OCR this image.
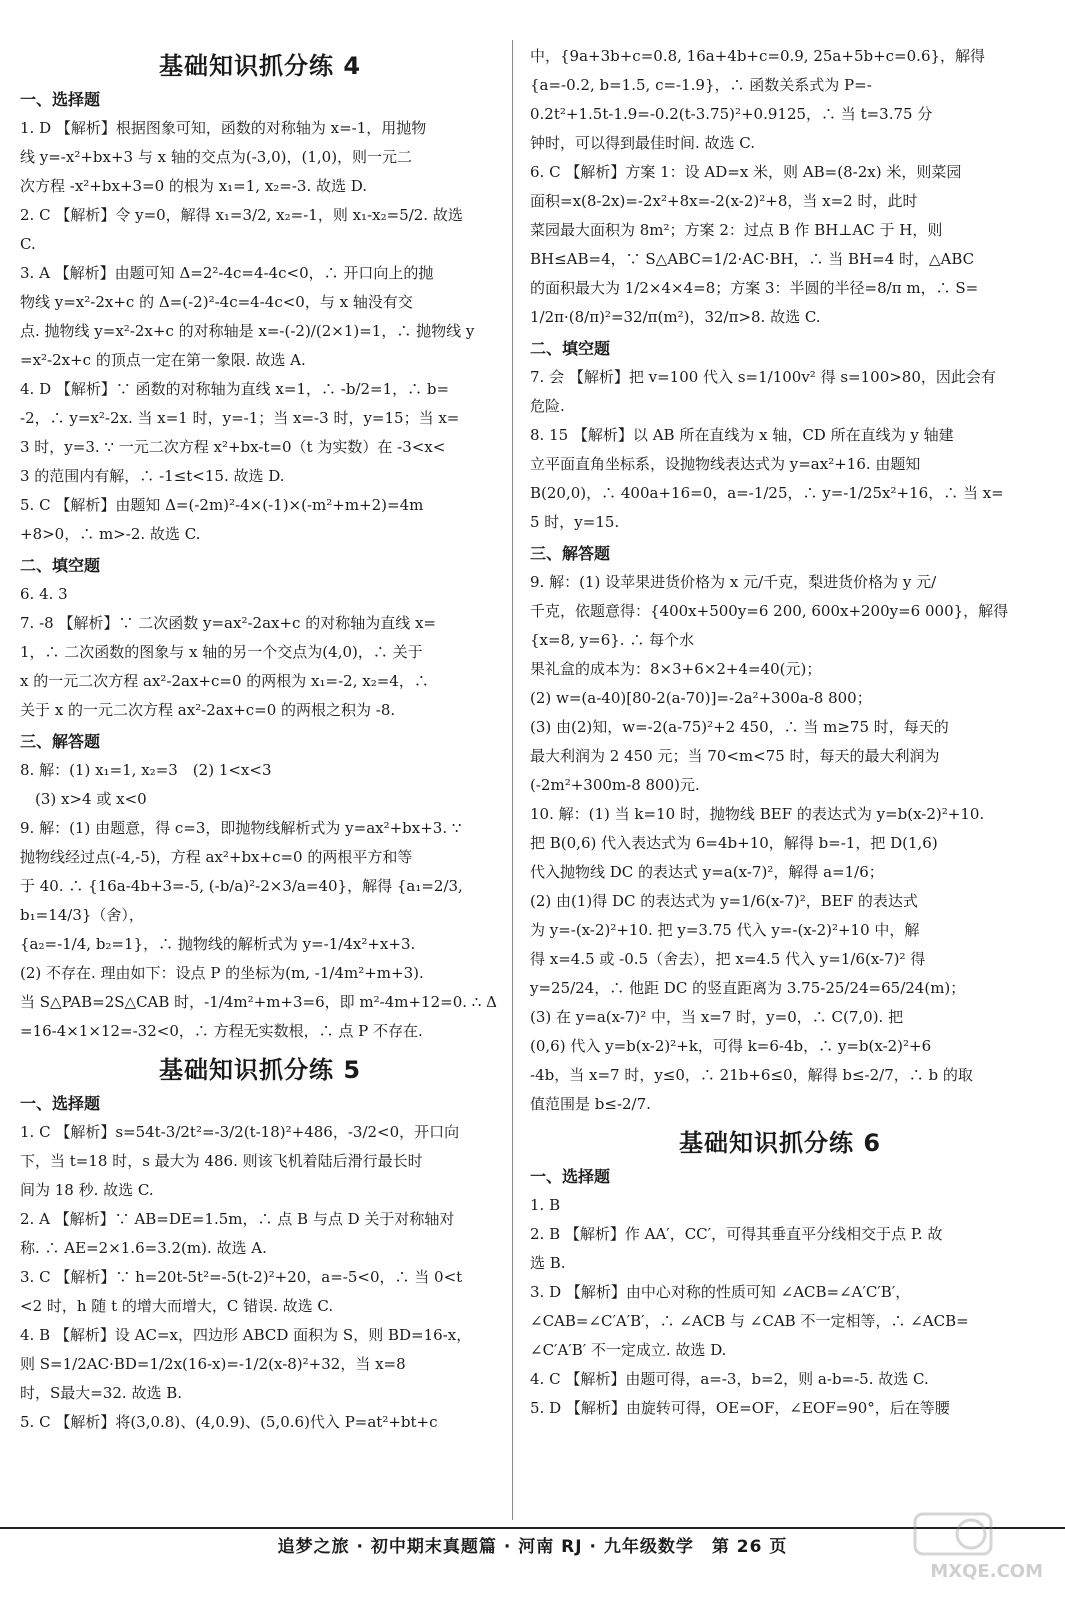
基础知识抓分练 4
一、选择题

1. D 【解析】根据图象可知，函数的对称轴为 x=-1，用抛物

线 y=-x²+bx+3 与 x 轴的交点为(-3,0)，(1,0)，则一元二

次方程 -x²+bx+3=0 的根为 x₁=1, x₂=-3. 故选 D.

2. C 【解析】令 y=0，解得 x₁=3/2, x₂=-1，则 x₁-x₂=5/2. 故选

C.

3. A 【解析】由题可知 Δ=2²-4c=4-4c<0，∴ 开口向上的抛

物线 y=x²-2x+c 的 Δ=(-2)²-4c=4-4c<0，与 x 轴没有交

点. 抛物线 y=x²-2x+c 的对称轴是 x=-(-2)/(2×1)=1，∴ 抛物线 y

=x²-2x+c 的顶点一定在第一象限. 故选 A.

4. D 【解析】∵ 函数的对称轴为直线 x=1，∴ -b/2=1，∴ b=

-2，∴ y=x²-2x. 当 x=1 时，y=-1；当 x=-3 时，y=15；当 x=

3 时，y=3. ∵ 一元二次方程 x²+bx-t=0（t 为实数）在 -3<x<

3 的范围内有解，∴ -1≤t<15. 故选 D.

5. C 【解析】由题知 Δ=(-2m)²-4×(-1)×(-m²+m+2)=4m

+8>0，∴ m>-2. 故选 C.

二、填空题

6. 4. 3

7. -8 【解析】∵ 二次函数 y=ax²-2ax+c 的对称轴为直线 x=

1，∴ 二次函数的图象与 x 轴的另一个交点为(4,0)，∴ 关于

x 的一元二次方程 ax²-2ax+c=0 的两根为 x₁=-2, x₂=4，∴

关于 x 的一元二次方程 ax²-2ax+c=0 的两根之积为 -8.

三、解答题

8. 解：(1) x₁=1, x₂=3　(2) 1<x<3

　(3) x>4 或 x<0

9. 解：(1) 由题意，得 c=3，即抛物线解析式为 y=ax²+bx+3. ∵

抛物线经过点(-4,-5)，方程 ax²+bx+c=0 的两根平方和等

于 40. ∴ {16a-4b+3=-5, (-b/a)²-2×3/a=40}，解得 {a₁=2/3, b₁=14/3}（舍），

{a₂=-1/4, b₂=1}，∴ 抛物线的解析式为 y=-1/4x²+x+3.

(2) 不存在. 理由如下：设点 P 的坐标为(m, -1/4m²+m+3).

当 S△PAB=2S△CAB 时，-1/4m²+m+3=6，即 m²-4m+12=0. ∴ Δ

=16-4×1×12=-32<0，∴ 方程无实数根，∴ 点 P 不存在.

基础知识抓分练 5
一、选择题

1. C 【解析】s=54t-3/2t²=-3/2(t-18)²+486，-3/2<0，开口向

下，当 t=18 时，s 最大为 486. 则该飞机着陆后滑行最长时

间为 18 秒. 故选 C.

2. A 【解析】∵ AB=DE=1.5m，∴ 点 B 与点 D 关于对称轴对

称. ∴ AE=2×1.6=3.2(m). 故选 A.

3. C 【解析】∵ h=20t-5t²=-5(t-2)²+20，a=-5<0，∴ 当 0<t

<2 时，h 随 t 的增大而增大，C 错误. 故选 C.

4. B 【解析】设 AC=x，四边形 ABCD 面积为 S，则 BD=16-x，

则 S=1/2AC·BD=1/2x(16-x)=-1/2(x-8)²+32，当 x=8

时，S最大=32. 故选 B.

5. C 【解析】将(3,0.8)、(4,0.9)、(5,0.6)代入 P=at²+bt+c

中，{9a+3b+c=0.8, 16a+4b+c=0.9, 25a+5b+c=0.6}，解得 {a=-0.2, b=1.5, c=-1.9}，∴ 函数关系式为 P=-

0.2t²+1.5t-1.9=-0.2(t-3.75)²+0.9125，∴ 当 t=3.75 分

钟时，可以得到最佳时间. 故选 C.

6. C 【解析】方案 1：设 AD=x 米，则 AB=(8-2x) 米，则菜园

面积=x(8-2x)=-2x²+8x=-2(x-2)²+8，当 x=2 时，此时

菜园最大面积为 8m²；方案 2：过点 B 作 BH⊥AC 于 H，则

BH≤AB=4，∵ S△ABC=1/2·AC·BH，∴ 当 BH=4 时，△ABC

的面积最大为 1/2×4×4=8；方案 3：半圆的半径=8/π m，∴ S=

1/2π·(8/π)²=32/π(m²)，32/π>8. 故选 C.

二、填空题

7. 会 【解析】把 v=100 代入 s=1/100v² 得 s=100>80，因此会有

危险.

8. 15 【解析】以 AB 所在直线为 x 轴，CD 所在直线为 y 轴建

立平面直角坐标系，设抛物线表达式为 y=ax²+16. 由题知

B(20,0)，∴ 400a+16=0，a=-1/25，∴ y=-1/25x²+16，∴ 当 x=

5 时，y=15.

三、解答题

9. 解：(1) 设苹果进货价格为 x 元/千克，梨进货价格为 y 元/

千克，依题意得：{400x+500y=6 200, 600x+200y=6 000}，解得 {x=8, y=6}. ∴ 每个水

果礼盒的成本为：8×3+6×2+4=40(元)；

(2) w=(a-40)[80-2(a-70)]=-2a²+300a-8 800；

(3) 由(2)知，w=-2(a-75)²+2 450，∴ 当 m≥75 时，每天的

最大利润为 2 450 元；当 70<m<75 时，每天的最大利润为

(-2m²+300m-8 800)元.

10. 解：(1) 当 k=10 时，抛物线 BEF 的表达式为 y=b(x-2)²+10.

把 B(0,6) 代入表达式为 6=4b+10，解得 b=-1，把 D(1,6)

代入抛物线 DC 的表达式 y=a(x-7)²，解得 a=1/6；

(2) 由(1)得 DC 的表达式为 y=1/6(x-7)²，BEF 的表达式

为 y=-(x-2)²+10. 把 y=3.75 代入 y=-(x-2)²+10 中，解

得 x=4.5 或 -0.5（舍去），把 x=4.5 代入 y=1/6(x-7)² 得

y=25/24，∴ 他距 DC 的竖直距离为 3.75-25/24=65/24(m)；

(3) 在 y=a(x-7)² 中，当 x=7 时，y=0，∴ C(7,0). 把

(0,6) 代入 y=b(x-2)²+k，可得 k=6-4b，∴ y=b(x-2)²+6

-4b，当 x=7 时，y≤0，∴ 21b+6≤0，解得 b≤-2/7，∴ b 的取

值范围是 b≤-2/7.

基础知识抓分练 6
一、选择题

1. B

2. B 【解析】作 AA′，CC′，可得其垂直平分线相交于点 P. 故

选 B.

3. D 【解析】由中心对称的性质可知 ∠ACB=∠A′C′B′，

∠CAB=∠C′A′B′，∴ ∠ACB 与 ∠CAB 不一定相等，∴ ∠ACB=

∠C′A′B′ 不一定成立. 故选 D.

4. C 【解析】由题可得，a=-3，b=2，则 a-b=-5. 故选 C.

5. D 【解析】由旋转可得，OE=OF，∠EOF=90°，后在等腰

追梦之旅 · 初中期末真题篇 · 河南 RJ · 九年级数学　第 26 页
MXQE.COM
